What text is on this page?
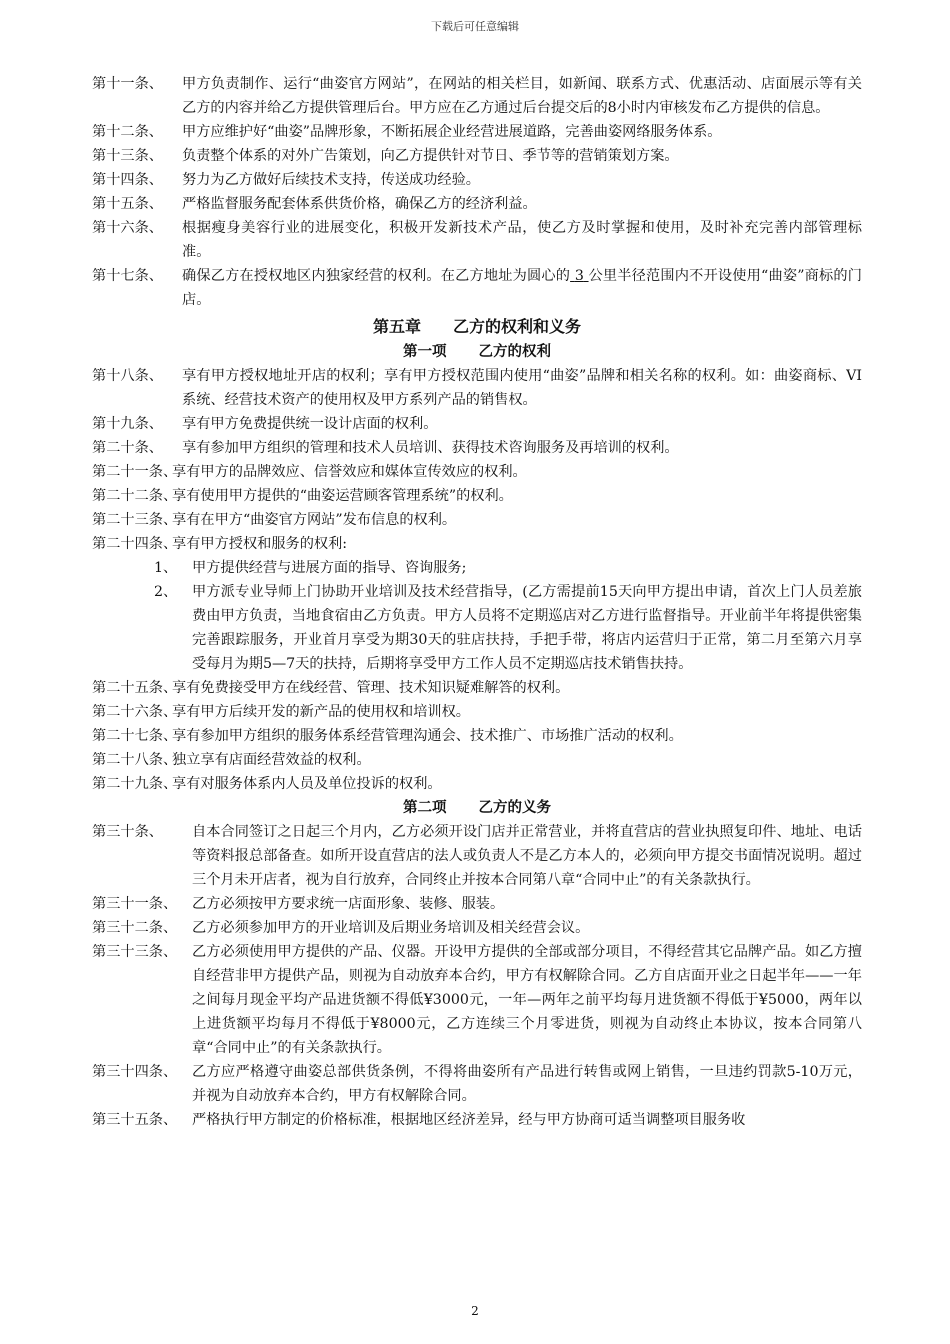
下载后可任意编辑
第十一条、	甲方负责制作、运行“曲姿官方网站”，在网站的相关栏目，如新闻、联系方式、优惠活动、店面展示等有关乙方的内容并给乙方提供管理后台。甲方应在乙方通过后台提交后的8小时内审核发布乙方提供的信息。
第十二条、	甲方应维护好“曲姿”品牌形象，不断拓展企业经营进展道路，完善曲姿网络服务体系。
第十三条、	负责整个体系的对外广告策划，向乙方提供针对节日、季节等的营销策划方案。
第十四条、	努力为乙方做好后续技术支持，传送成功经验。
第十五条、	严格监督服务配套体系供货价格，确保乙方的经济利益。
第十六条、	根据瘦身美容行业的进展变化，积极开发新技术产品，使乙方及时掌握和使用，及时补充完善内部管理标准。
第十七条、	确保乙方在授权地区内独家经营的权利。在乙方地址为圆心的 3 公里半径范围内不开设使用“曲姿”商标的门店。
第五章 乙方的权利和义务
第一项 乙方的权利
第十八条、	享有甲方授权地址开店的权利；享有甲方授权范围内使用“曲姿”品牌和相关名称的权利。如：曲姿商标、VI系统、经营技术资产的使用权及甲方系列产品的销售权。
第十九条、	享有甲方免费提供统一设计店面的权利。
第二十条、	享有参加甲方组织的管理和技术人员培训、获得技术咨询服务及再培训的权利。
第二十一条、
享有甲方的品牌效应、信誉效应和媒体宣传效应的权利。
第二十二条、
享有使用甲方提供的“曲姿运营顾客管理系统”的权利。
第二十三条、
享有在甲方“曲姿官方网站”发布信息的权利。
第二十四条、
享有甲方授权和服务的权利:
1、	甲方提供经营与进展方面的指导、咨询服务;
2、	甲方派专业导师上门协助开业培训及技术经营指导，(乙方需提前15天向甲方提出申请，首次上门人员差旅费由甲方负责，当地食宿由乙方负责。甲方人员将不定期巡店对乙方进行监督指导。开业前半年将提供密集完善跟踪服务，开业首月享受为期30天的驻店扶持，手把手带，将店内运营归于正常，第二月至第六月享受每月为期5—7天的扶持，后期将享受甲方工作人员不定期巡店技术销售扶持。
第二十五条、
享有免费接受甲方在线经营、管理、技术知识疑难解答的权利。
第二十六条、
享有甲方后续开发的新产品的使用权和培训权。
第二十七条、
享有参加甲方组织的服务体系经营管理沟通会、技术推广、市场推广活动的权利。
第二十八条、
独立享有店面经营效益的权利。
第二十九条、
享有对服务体系内人员及单位投诉的权利。
第二项 乙方的义务
第三十条、	自本合同签订之日起三个月内，乙方必须开设门店并正常营业，并将直营店的营业执照复印件、地址、电话等资料报总部备查。如所开设直营店的法人或负责人不是乙方本人的，必须向甲方提交书面情况说明。超过三个月未开店者，视为自行放弃，合同终止并按本合同第八章“合同中止”的有关条款执行。
第三十一条、	乙方必须按甲方要求统一店面形象、装修、服装。
第三十二条、	乙方必须参加甲方的开业培训及后期业务培训及相关经营会议。
第三十三条、	乙方必须使用甲方提供的产品、仪器。开设甲方提供的全部或部分项目，不得经营其它品牌产品。如乙方擅自经营非甲方提供产品，则视为自动放弃本合约，甲方有权解除合同。乙方自店面开业之日起半年——一年之间每月现金平均产品进货额不得低¥3000元，一年—两年之前平均每月进货额不得低于¥5000，两年以上进货额平均每月不得低于¥8000元，乙方连续三个月零进货，则视为自动终止本协议，按本合同第八章“合同中止”的有关条款执行。
第三十四条、	乙方应严格遵守曲姿总部供货条例，不得将曲姿所有产品进行转售或网上销售，一旦违约罚款5-10万元，并视为自动放弃本合约，甲方有权解除合同。
第三十五条、	严格执行甲方制定的价格标准，根据地区经济差异，经与甲方协商可适当调整项目服务收
2
